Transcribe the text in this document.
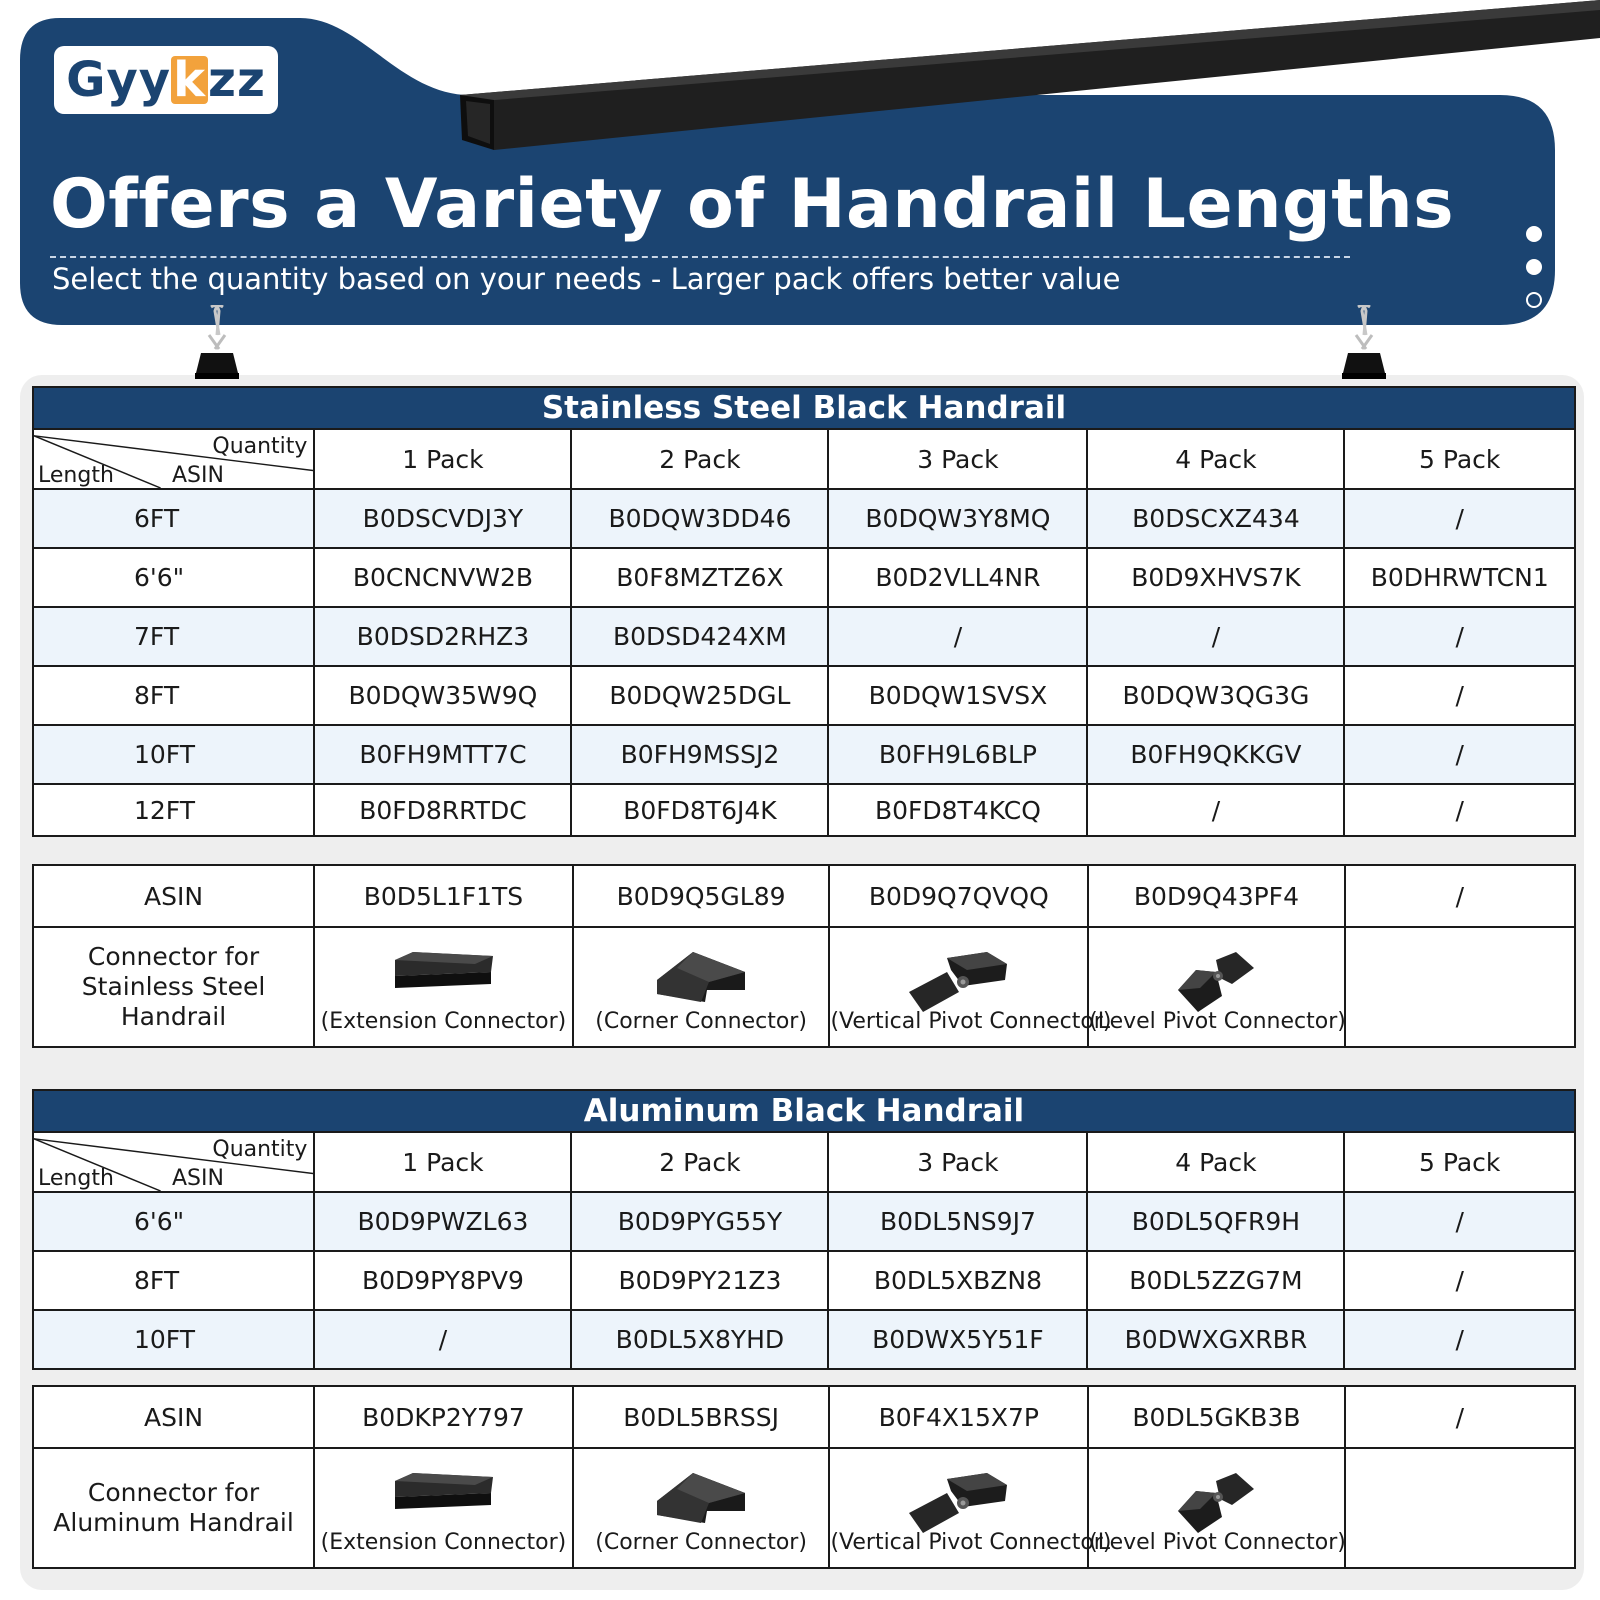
Gyykzz
Offers a Variety of Handrail Lengths
Select the quantity based on your needs - Larger pack offers better value
Stainless Steel Black Handrail					

Quantity
Length ASIN	1 Pack	2 Pack	3 Pack	4 Pack	5 Pack
6FT	B0DSCVDJ3Y	B0DQW3DD46	B0DQW3Y8MQ	B0DSCXZ434	/
6'6"	B0CNCNVW2B	B0F8MZTZ6X	B0D2VLL4NR	B0D9XHVS7K	B0DHRWTCN1
7FT	B0DSD2RHZ3	B0DSD424XM	/	/	/
8FT	B0DQW35W9Q	B0DQW25DGL	B0DQW1SVSX	B0DQW3QG3G	/
10FT	B0FH9MTT7C	B0FH9MSSJ2	B0FH9L6BLP	B0FH9QKKGV	/
12FT	B0FD8RRTDC	B0FD8T6J4K	B0FD8T4KCQ	/	/
ASIN	B0D5L1F1TS	B0D9Q5GL89	B0D9Q7QVQQ	B0D9Q43PF4	/

Connector for
Stainless Steel Handrail	(Extension Connector)	(Corner Connector)	(Vertical Pivot Connector)	(Level Pivot Connector)	

Aluminum Black Handrail					

Quantity
Length ASIN	1 Pack	2 Pack	3 Pack	4 Pack	5 Pack
6'6"	B0D9PWZL63	B0D9PYG55Y	B0DL5NS9J7	B0DL5QFR9H	/
8FT	B0D9PY8PV9	B0D9PY21Z3	B0DL5XBZN8	B0DL5ZZG7M	/
10FT	/	B0DL5X8YHD	B0DWX5Y51F	B0DWXGXRBR	/
ASIN	B0DKP2Y797	B0DL5BRSSJ	B0F4X15X7P	B0DL5GKB3B	/

Connector for
Aluminum Handrail	(Extension Connector)	(Corner Connector)	(Vertical Pivot Connector)	(Level Pivot Connector)	
